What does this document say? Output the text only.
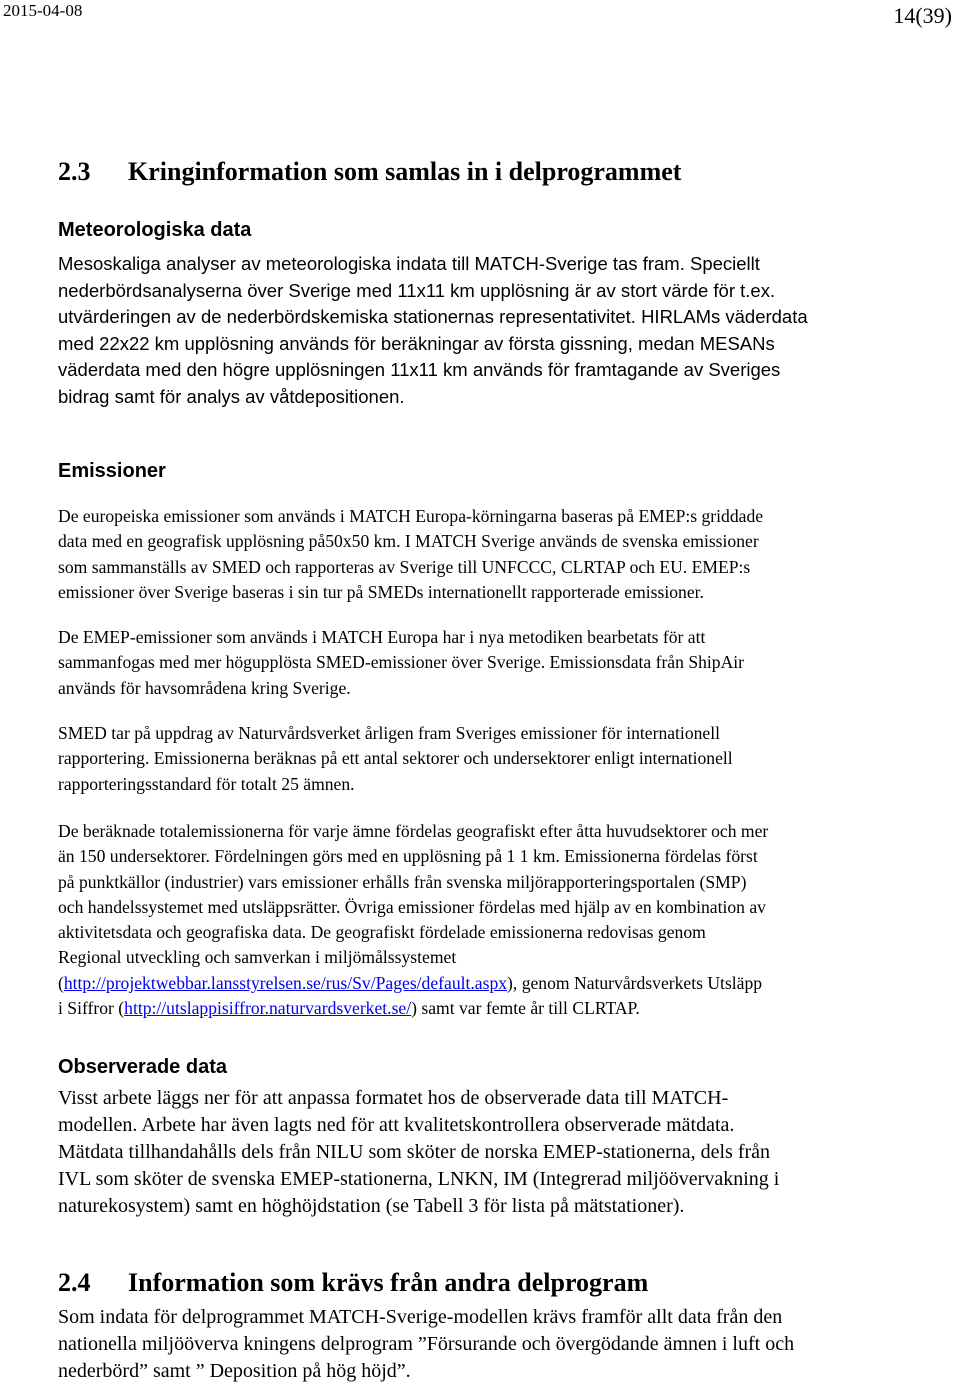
2015-04-08	14(39)
2.3 Kringinformation som samlas in i delprogrammet
Meteorologiska data
Mesoskaliga analyser av meteorologiska indata till MATCH-Sverige tas fram. Speciellt
nederbördsanalyserna över Sverige med 11x11 km upplösning är av stort värde för t.ex.
utvärderingen av de nederbördskemiska stationernas representativitet. HIRLAMs väderdata
med 22x22 km upplösning används för beräkningar av första gissning, medan MESANs
väderdata med den högre upplösningen 11x11 km används för framtagande av Sveriges
bidrag samt för analys av våtdepositionen.
Emissioner
De europeiska emissioner som används i MATCH Europa-körningarna baseras på EMEP:s griddade
data med en geografisk upplösning på50x50 km. I MATCH Sverige används de svenska emissioner
som sammanställs av SMED och rapporteras av Sverige till UNFCCC, CLRTAP och EU. EMEP:s
emissioner över Sverige baseras i sin tur på SMEDs internationellt rapporterade emissioner.
De EMEP-emissioner som används i MATCH Europa har i nya metodiken bearbetats för att
sammanfogas med mer högupplösta SMED-emissioner över Sverige. Emissionsdata från ShipAir
används för havsområdena kring Sverige.
SMED tar på uppdrag av Naturvårdsverket årligen fram Sveriges emissioner för internationell
rapportering. Emissionerna beräknas på ett antal sektorer och undersektorer enligt internationell
rapporteringsstandard för totalt 25 ämnen.
De beräknade totalemissionerna för varje ämne fördelas geografiskt efter åtta huvudsektorer och mer
än 150 undersektorer. Fördelningen görs med en upplösning på 1 1 km. Emissionerna fördelas först
på punktkällor (industrier) vars emissioner erhålls från svenska miljörapporteringsportalen (SMP)
och handelssystemet med utsläppsrätter. Övriga emissioner fördelas med hjälp av en kombination av
aktivitetsdata och geografiska data. De geografiskt fördelade emissionerna redovisas genom
Regional utveckling och samverkan i miljömålssystemet
(http://projektwebbar.lansstyrelsen.se/rus/Sv/Pages/default.aspx), genom Naturvårdsverkets Utsläpp
i Siffror (http://utslappisiffror.naturvardsverket.se/) samt var femte år till CLRTAP.
Observerade data
Visst arbete läggs ner för att anpassa formatet hos de observerade data till MATCH-
modellen. Arbete har även lagts ned för att kvalitetskontrollera observerade mätdata.
Mätdata tillhandahålls dels från NILU som sköter de norska EMEP-stationerna, dels från
IVL som sköter de svenska EMEP-stationerna, LNKN, IM (Integrerad miljöövervakning i
naturekosystem) samt en höghöjdstation (se Tabell 3 för lista på mätstationer).
2.4 Information som krävs från andra delprogram
Som indata för delprogrammet MATCH-Sverige-modellen krävs framför allt data från den
nationella miljööverva kningens delprogram ”Försurande och övergödande ämnen i luft och
nederbörd” samt ” Deposition på hög höjd”.
